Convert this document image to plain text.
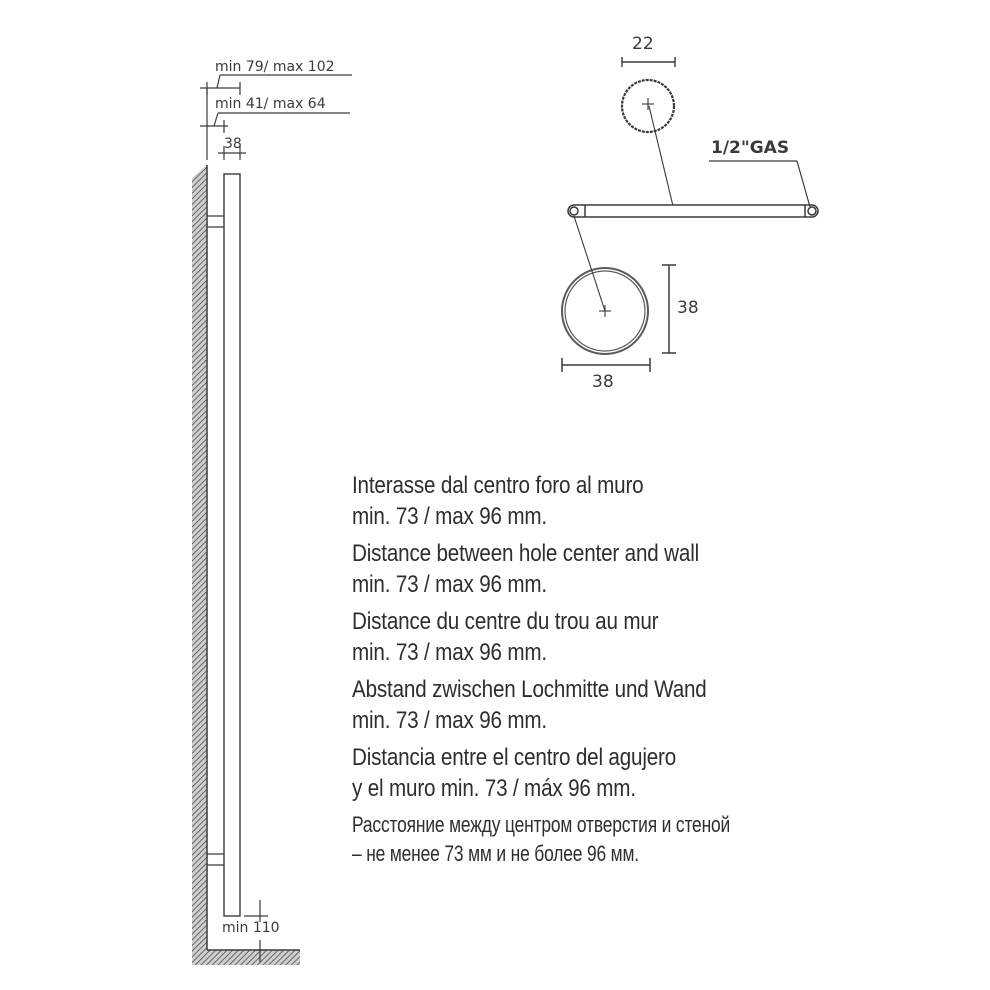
min 79/ max 102
min 41/ max 64
38
min 110
22
1/2"GAS
38
38
Interasse dal centro foro al muro
min. 73 / max 96 mm.
Distance between hole center and wall
min. 73 / max 96 mm.
Distance du centre du trou au mur
min. 73 / max 96 mm.
Abstand zwischen Lochmitte und Wand
min. 73 / max 96 mm.
Distancia entre el centro del agujero
y el muro min. 73 / máx 96 mm.
Расстояние между центром отверстия и стеной
– не менее 73 мм и не более 96 мм.
